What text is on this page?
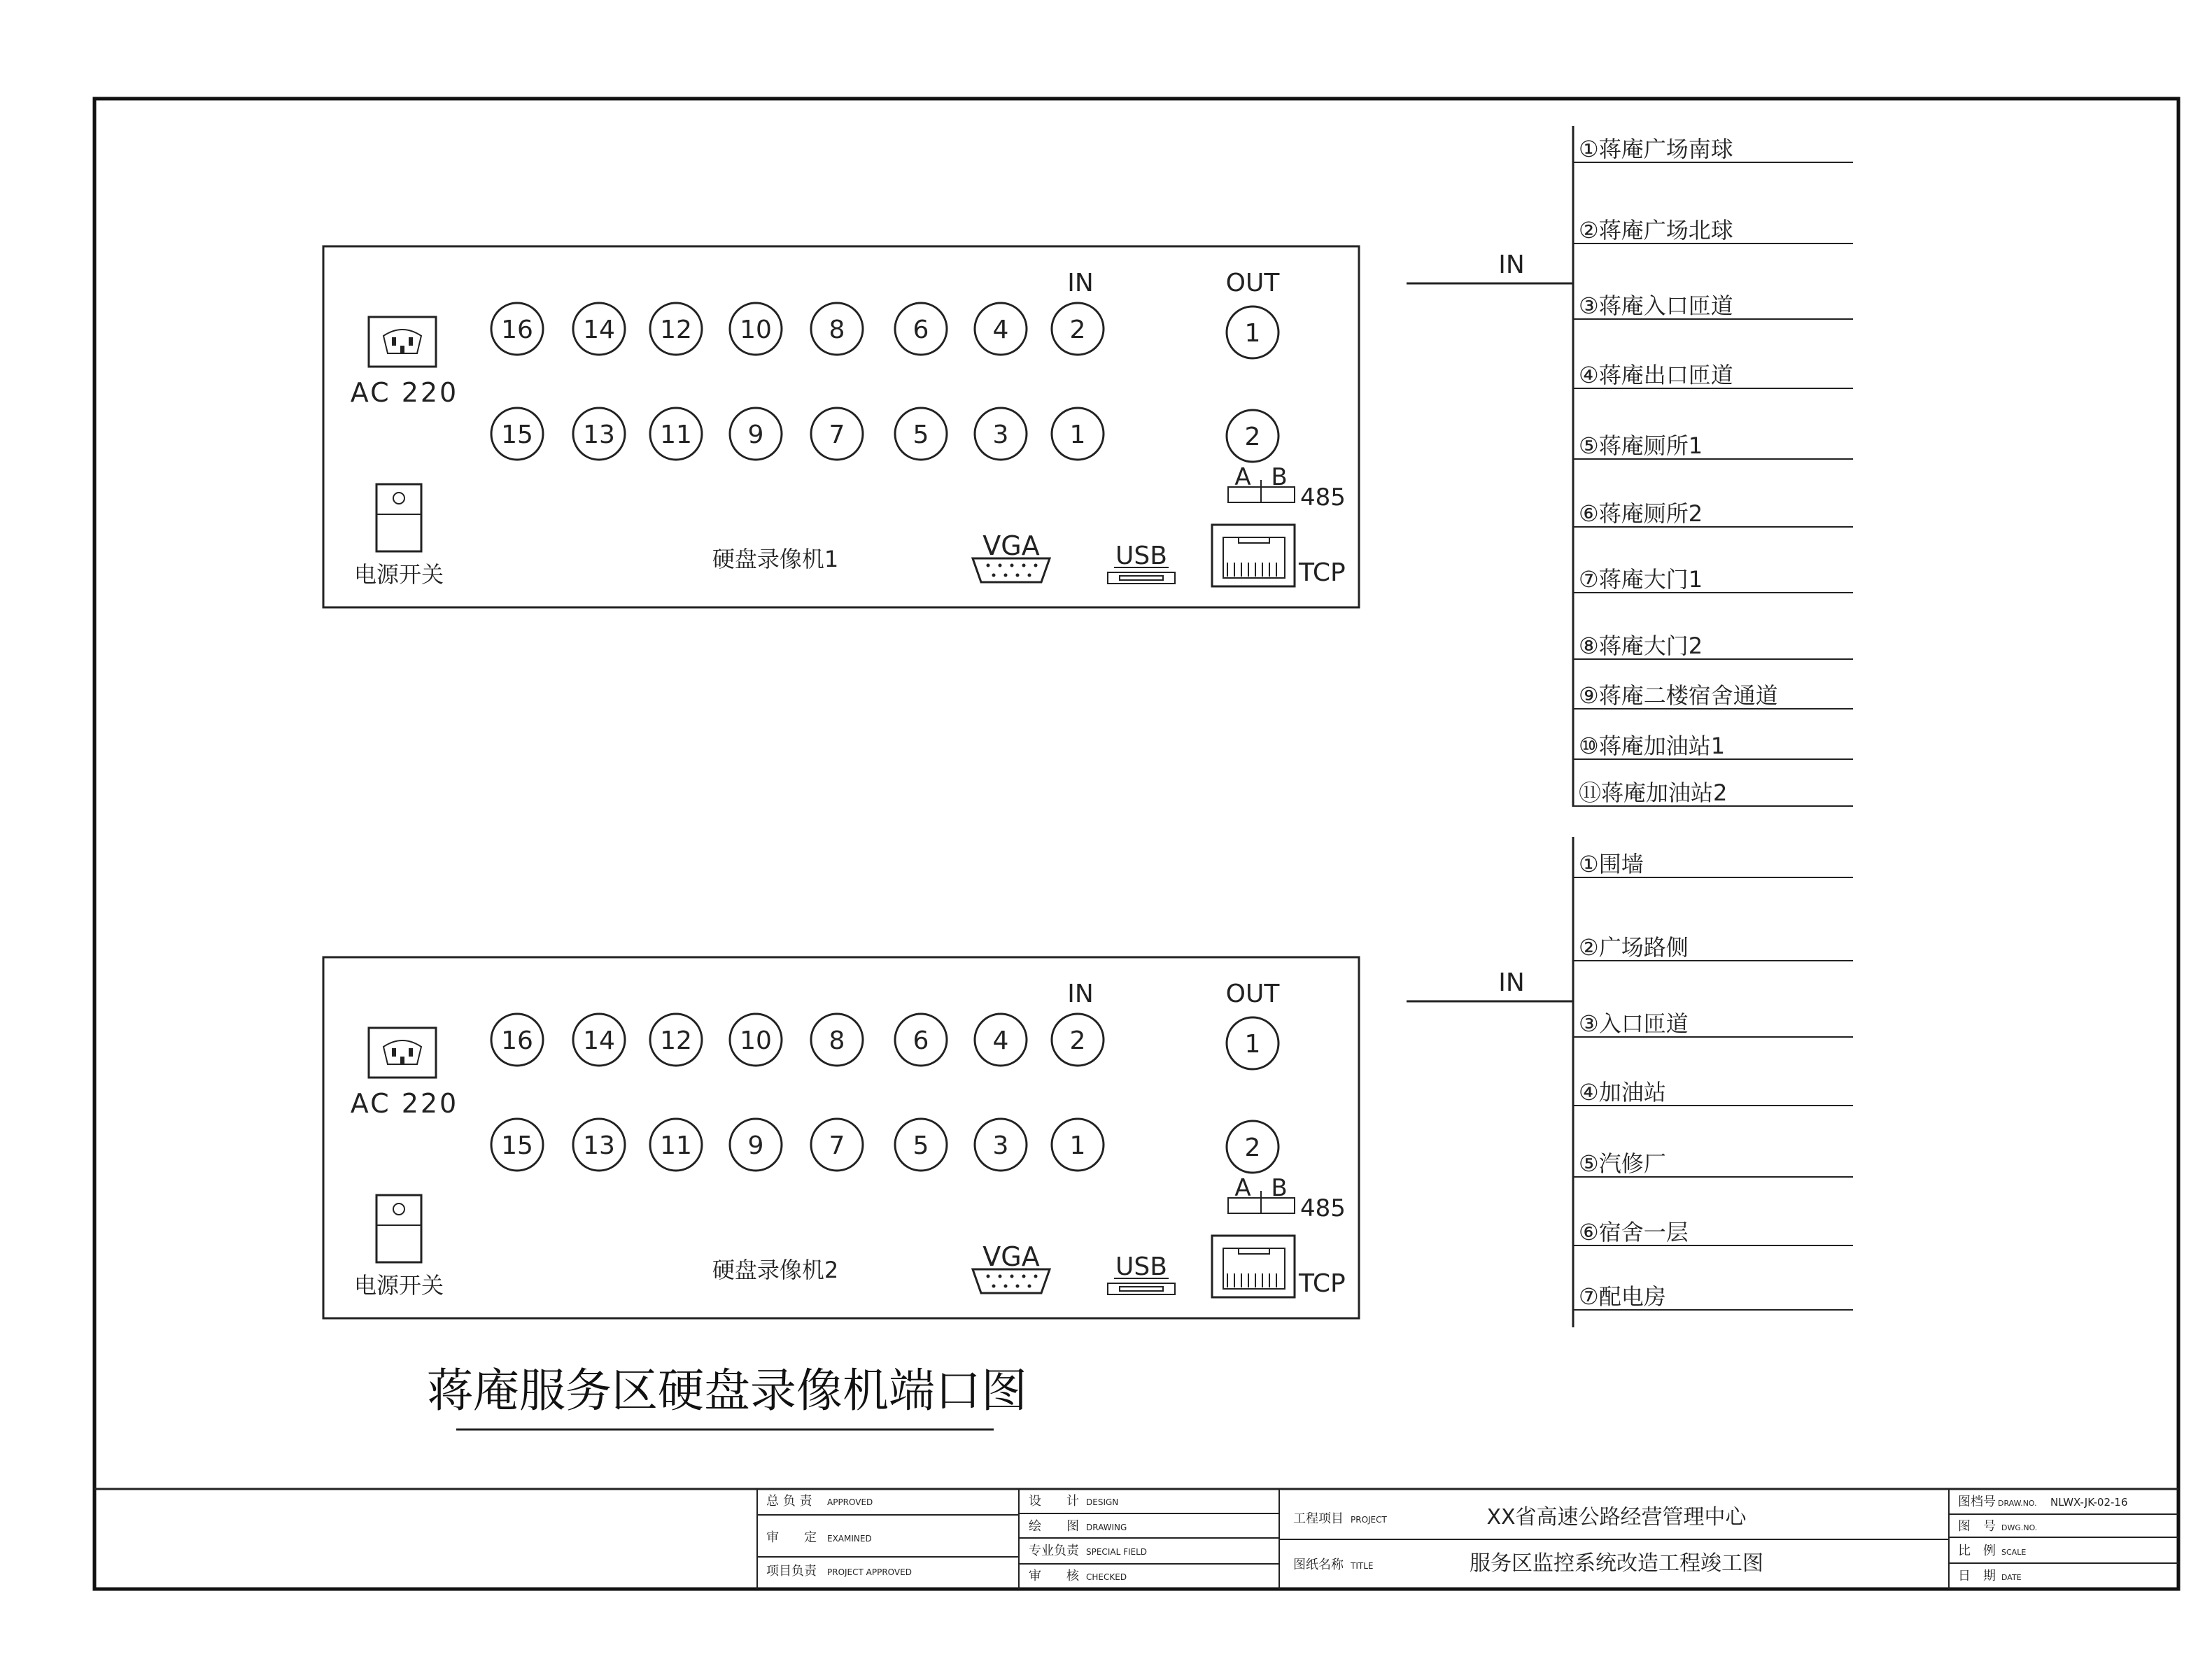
AC 220
电源开关
IN	OUT
16 14 12 10 8	6	4 2
15 13 11 9	7	5	3 1
1
2
A B
485
TCP
USB
VGA
硬盘录像机1
AC 220
电源开关
IN	OUT
16 14 12 10 8	6	4 2
15 13 11 9	7	5	3 1
1
2
A B
485
TCP
USB
VGA
硬盘录像机2
IN
①蒋庵广场南球
②蒋庵广场北球
③蒋庵入口匝道
④蒋庵出口匝道
⑤蒋庵厕所1
⑥蒋庵厕所2
⑦蒋庵大门1
⑧蒋庵大门2
⑨蒋庵二楼宿舍通道
⑩蒋庵加油站1
⑪蒋庵加油站2
IN
①围墙
②广场路侧
③入口匝道
④加油站
⑤汽修厂
⑥宿舍一层
⑦配电房
蒋庵服务区硬盘录像机端口图
总 负 责 APPROVED
审　　定 EXAMINED
项目负责 PROJECT APPROVED
设　　计 DESIGN
绘　　图 DRAWING
专业负责 SPECIAL FIELD
审　　核 CHECKED
工程项目 PROJECT	XX省高速公路经营管理中心
图纸名称 TITLE	服务区监控系统改造工程竣工图
图档号 DRAW.NO. NLWX-JK-02-16
图　号 DWG.NO.
比　例 SCALE
日　期 DATE
